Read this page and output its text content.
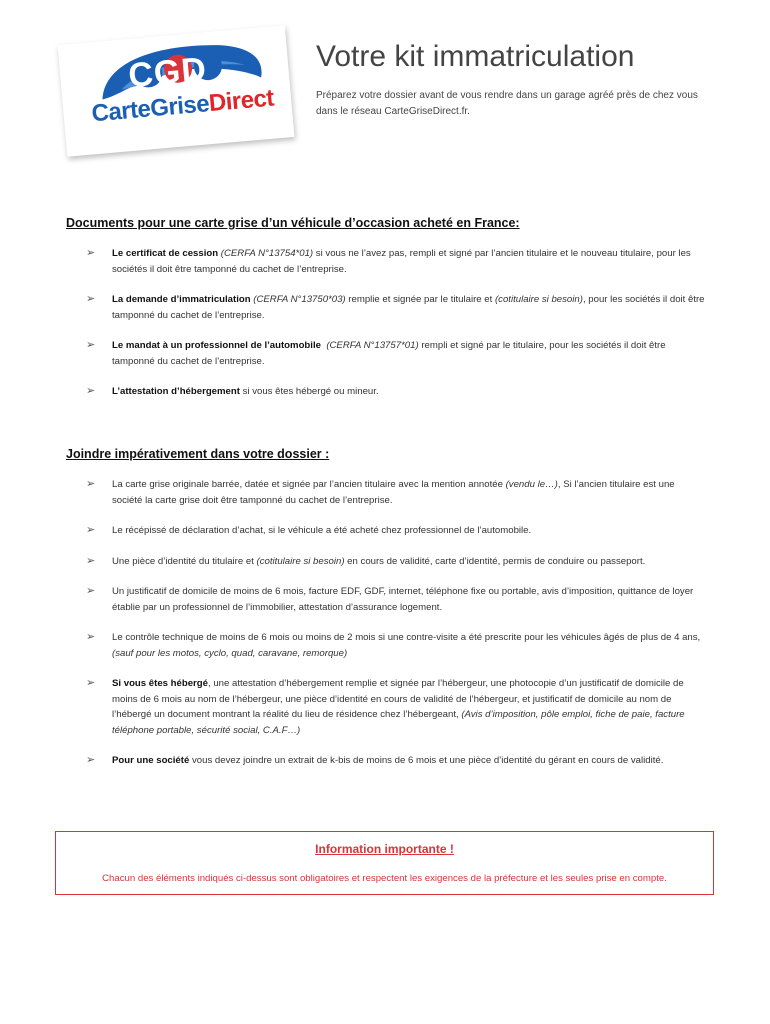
CGD
CarteGriseDirect
Votre kit immatriculation

Préparez votre dossier avant de vous rendre dans un garage agréé près de chez vous dans le réseau CarteGriseDirect.fr.

Documents pour une carte grise d’un véhicule d’occasion acheté en France:
➢ Le certificat de cession (CERFA N°13754*01) si vous ne l’avez pas, rempli et signé par l’ancien titulaire et le nouveau titulaire, pour les sociétés il doit être tamponné du cachet de l’entreprise.
➢ La demande d’immatriculation (CERFA N°13750*03) remplie et signée par le titulaire et (cotitulaire si besoin), pour les sociétés il doit être tamponné du cachet de l’entreprise.
➢ Le mandat à un professionnel de l’automobile (CERFA N°13757*01) rempli et signé par le titulaire, pour les sociétés il doit être tamponné du cachet de l’entreprise.
➢ L’attestation d’hébergement si vous êtes hébergé ou mineur.
Joindre impérativement dans votre dossier :
➢ La carte grise originale barrée, datée et signée par l’ancien titulaire avec la mention annotée (vendu le…), Si l’ancien titulaire est une société la carte grise doit être tamponné du cachet de l’entreprise.
➢ Le récépissé de déclaration d’achat, si le véhicule a été acheté chez professionnel de l’automobile.
➢ Une pièce d’identité du titulaire et (cotitulaire si besoin) en cours de validité, carte d’identité, permis de conduire ou passeport.
➢ Un justificatif de domicile de moins de 6 mois, facture EDF, GDF, internet, téléphone fixe ou portable, avis d’imposition, quittance de loyer établie par un professionnel de l’immobilier, attestation d’assurance logement.
➢ Le contrôle technique de moins de 6 mois ou moins de 2 mois si une contre-visite a été prescrite pour les véhicules âgés de plus de 4 ans, (sauf pour les motos, cyclo, quad, caravane, remorque)
➢ Si vous êtes hébergé, une attestation d’hébergement remplie et signée par l’hébergeur, une photocopie d’un justificatif de domicile de moins de 6 mois au nom de l’hébergeur, une pièce d’identité en cours de validité de l’hébergeur, et justificatif de domicile au nom de l’hébergé un document montrant la réalité du lieu de résidence chez l’hébergeant, (Avis d’imposition, pôle emploi, fiche de paie, facture téléphone portable, sécurité social, C.A.F…)
➢ Pour une société vous devez joindre un extrait de k-bis de moins de 6 mois et une pièce d’identité du gérant en cours de validité.
Information importante !
Chacun des éléments indiqués ci-dessus sont obligatoires et respectent les exigences de la préfecture et les seules prise en compte.
